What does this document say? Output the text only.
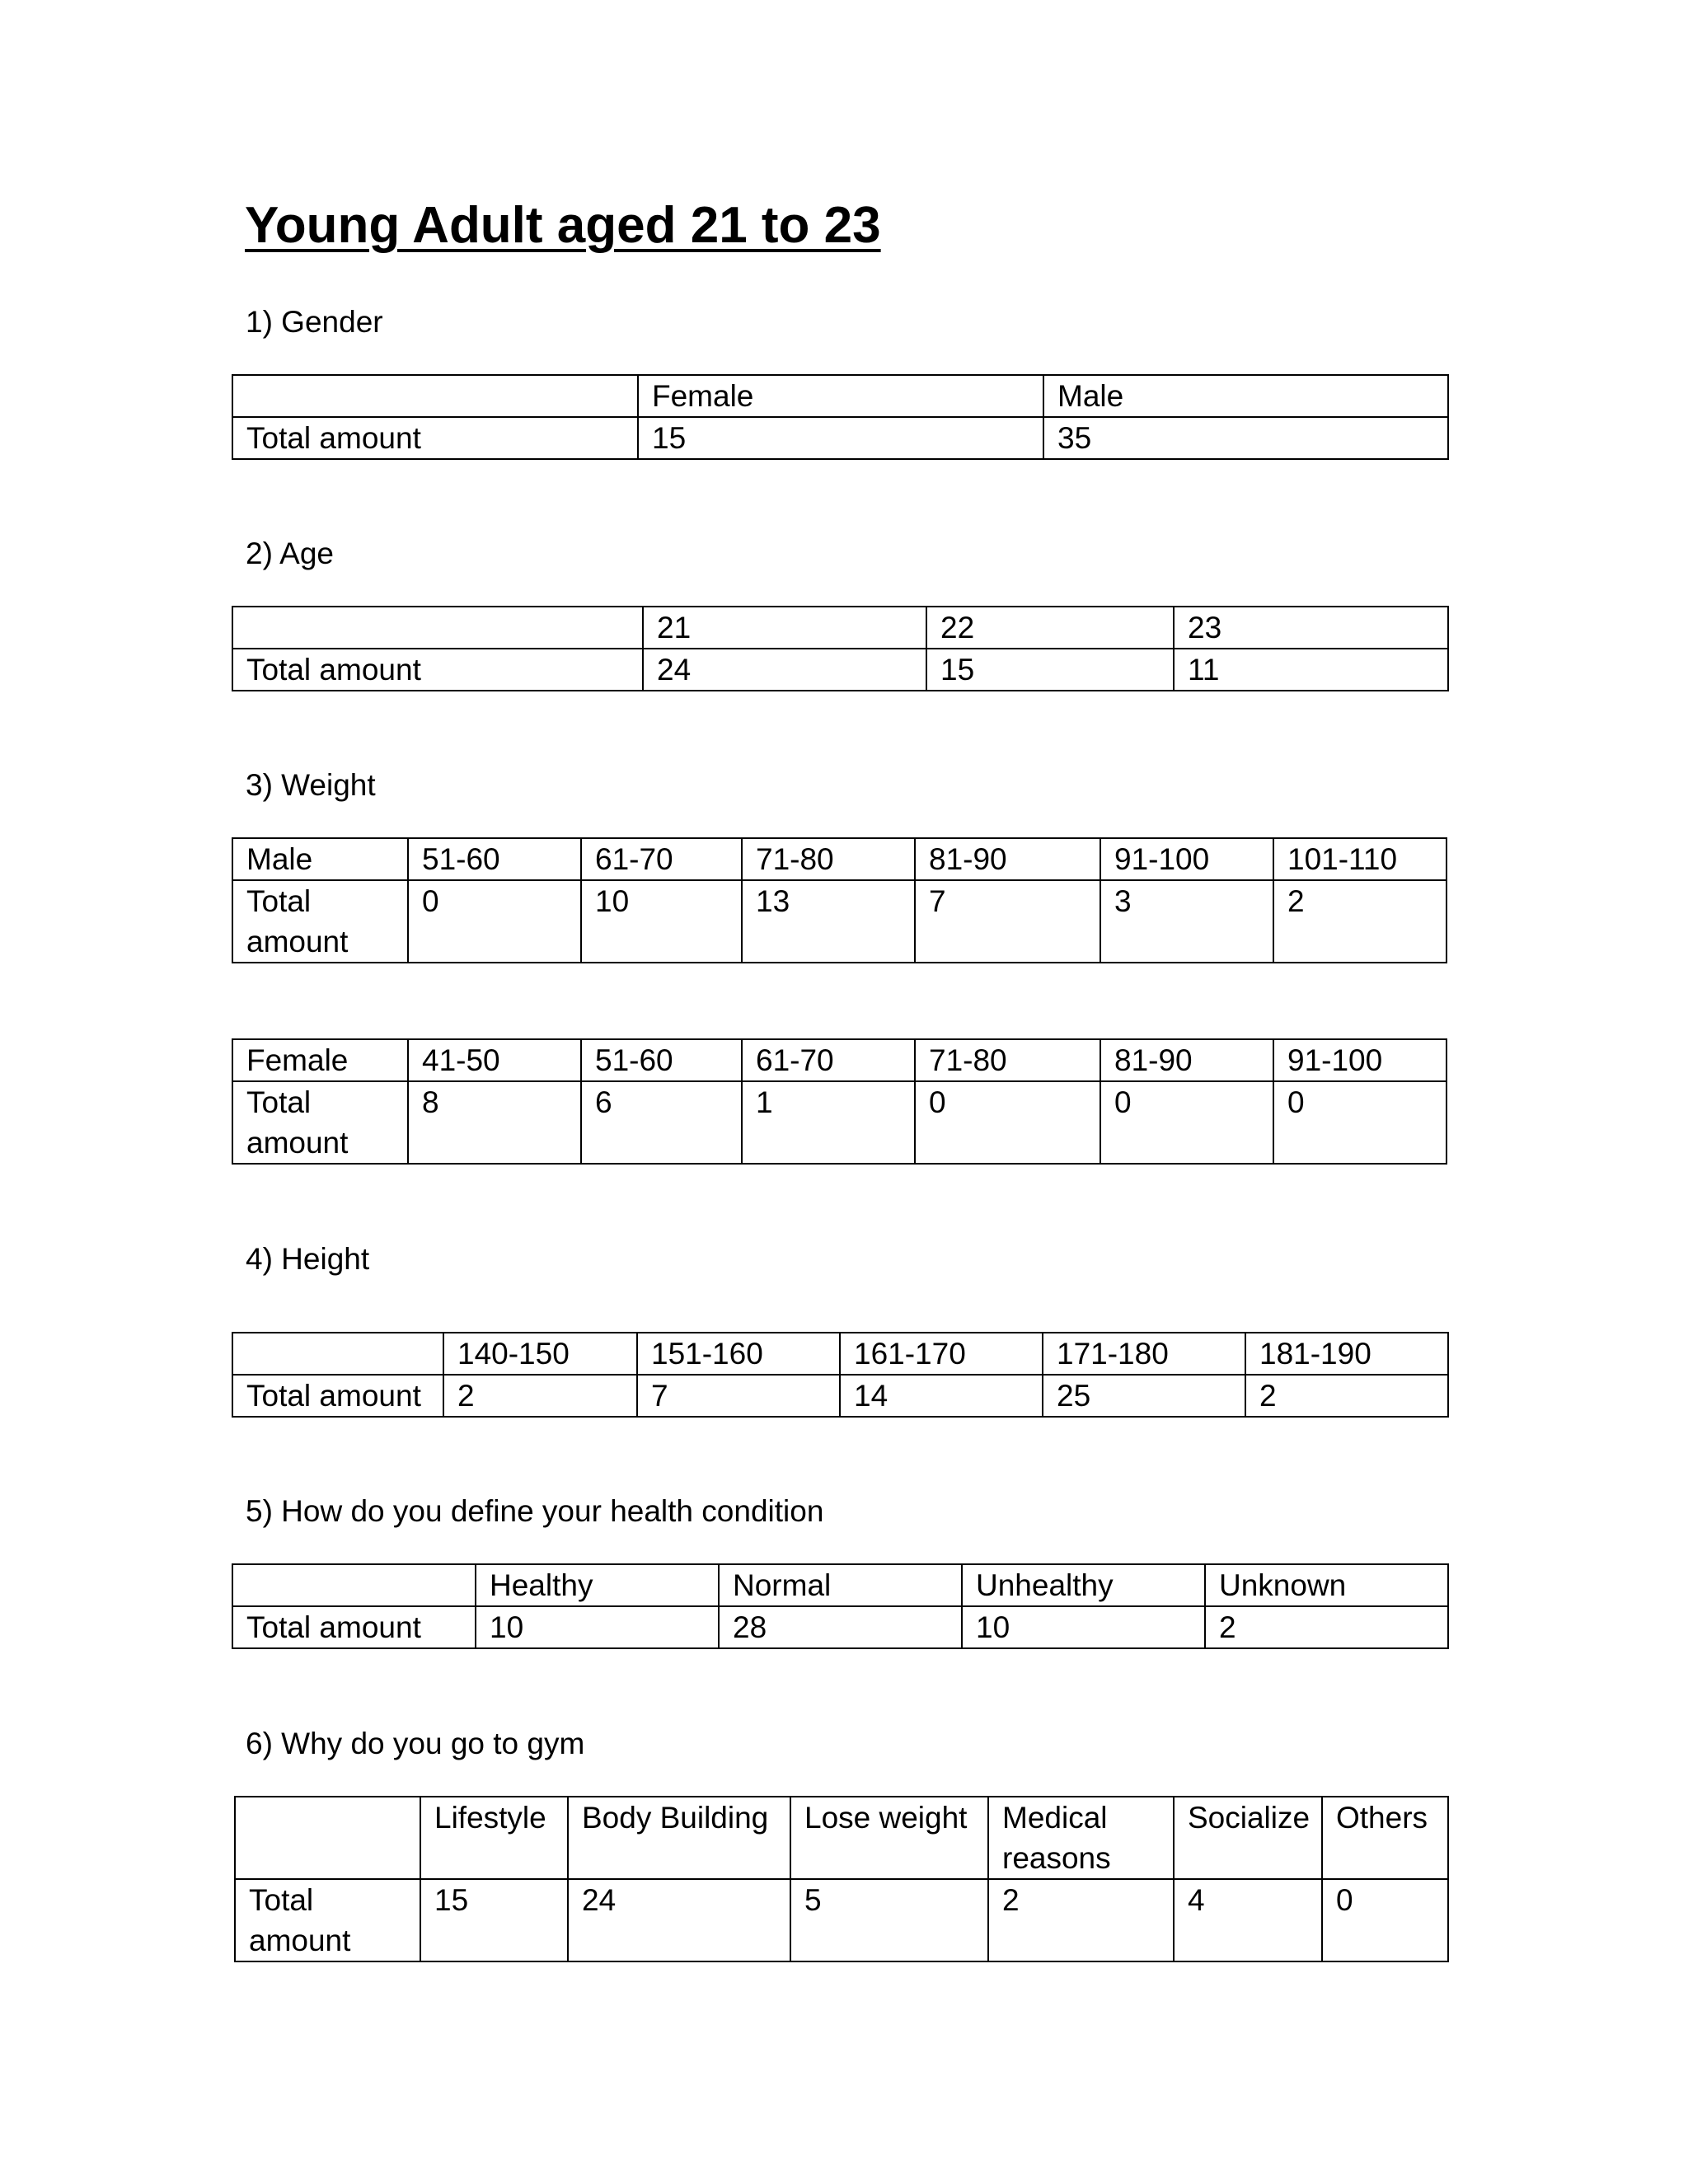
Young Adult aged 21 to 23
1) Gender
	Female	Male
Total amount	15	35
2) Age
	21	22	23
Total amount	24	15	11
3) Weight
Male	51-60	61-70	71-80	81-90	91-100	101-110
Total amount	0	10	13	7	3	2
Female	41-50	51-60	61-70	71-80	81-90	91-100
Total amount	8	6	1	0	0	0
4) Height
	140-150	151-160	161-170	171-180	181-190
Total amount	2	7	14	25	2
5) How do you define your health condition
	Healthy	Normal	Unhealthy	Unknown
Total amount	10	28	10	2
6) Why do you go to gym
	Lifestyle	Body Building	Lose weight	Medical reasons	Socialize	Others
Total amount	15	24	5	2	4	0
